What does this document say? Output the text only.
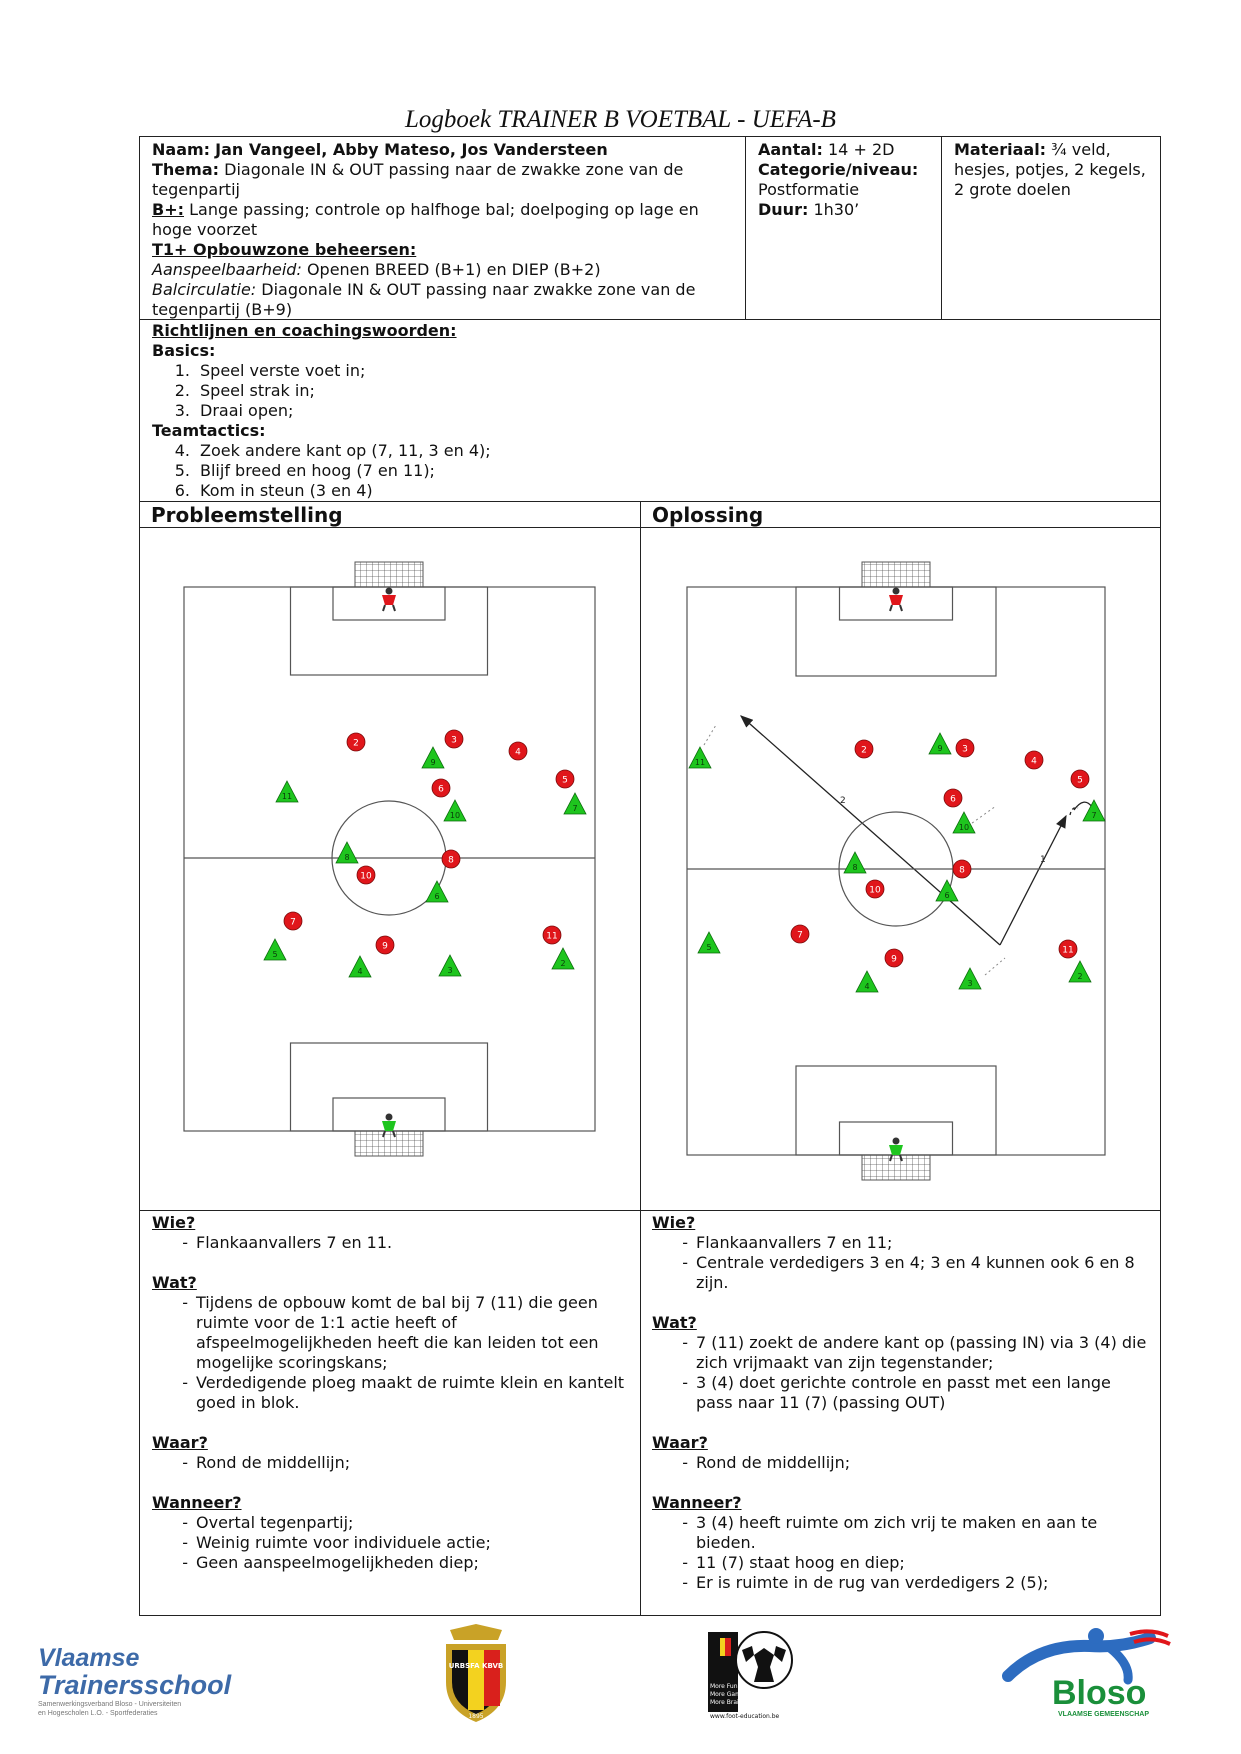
Logboek TRAINER B VOETBAL - UEFA-B
Naam: Jan Vangeel, Abby Mateso, Jos Vandersteen
Thema: Diagonale IN & OUT passing naar de zwakke zone van de tegenpartij
B+: Lange passing; controle op halfhoge bal; doelpoging op lage en hoge voorzet
T1+ Opbouwzone beheersen:
Aanspeelbaarheid: Openen BREED (B+1) en DIEP (B+2)
Balcirculatie: Diagonale IN & OUT passing naar zwakke zone van de tegenpartij (B+9)
Aantal: 14 + 2D
Categorie/niveau:
Postformatie
Duur: 1h30’
Materiaal: ¾ veld, hesjes, potjes, 2 kegels, 2 grote doelen
Richtlijnen en coachingswoorden:
Basics:
1. Speel verste voet in;
2. Speel strak in;
3. Draai open;
Teamtactics:
4. Zoek andere kant op (7, 11, 3 en 4);
5. Blijf breed en hoog (7 en 11);
6. Kom in steun (3 en 4)
Probleemstelling	Oplossing
Wie?
- Flankaanvallers 7 en 11.
Wat?
- Tijdens de opbouw komt de bal bij 7 (11) die geen ruimte voor de 1:1 actie heeft of afspeelmogelijkheden heeft die kan leiden tot een mogelijke scoringskans;
- Verdedigende ploeg maakt de ruimte klein en kantelt goed in blok.
Waar?
- Rond de middellijn;
Wanneer?
- Overtal tegenpartij;
- Weinig ruimte voor individuele actie;
- Geen aanspeelmogelijkheden diep;
Wie?
- Flankaanvallers 7 en 11;
- Centrale verdedigers 3 en 4; 3 en 4 kunnen ook 6 en 8 zijn.
Wat?
- 7 (11) zoekt de andere kant op (passing IN) via 3 (4) die zich vrijmaakt van zijn tegenstander;
- 3 (4) doet gerichte controle en passt met een lange pass naar 11 (7) (passing OUT)
Waar?
- Rond de middellijn;
Wanneer?
- 3 (4) heeft ruimte om zich vrij te maken en aan te bieden.
- 11 (7) staat hoog en diep;
- Er is ruimte in de rug van verdedigers 2 (5);
2	3
4
5
6
8
10
7
9
11
11
9
7
10
8
6
5
4	3
2
2
1
2	3
4
5
6
8
10
7
9
11
11
9
7
10
8
6
5
4	3
2
Vlaamse
Trainersschool
Samenwerkingsverband Bloso - Universiteiten
en Hogescholen L.O. - Sportfederaties
URBSFA KBVB
1895
More Fun
More Games
More Brains
www.foot-education.be
Bloso
VLAAMSE GEMEENSCHAP
